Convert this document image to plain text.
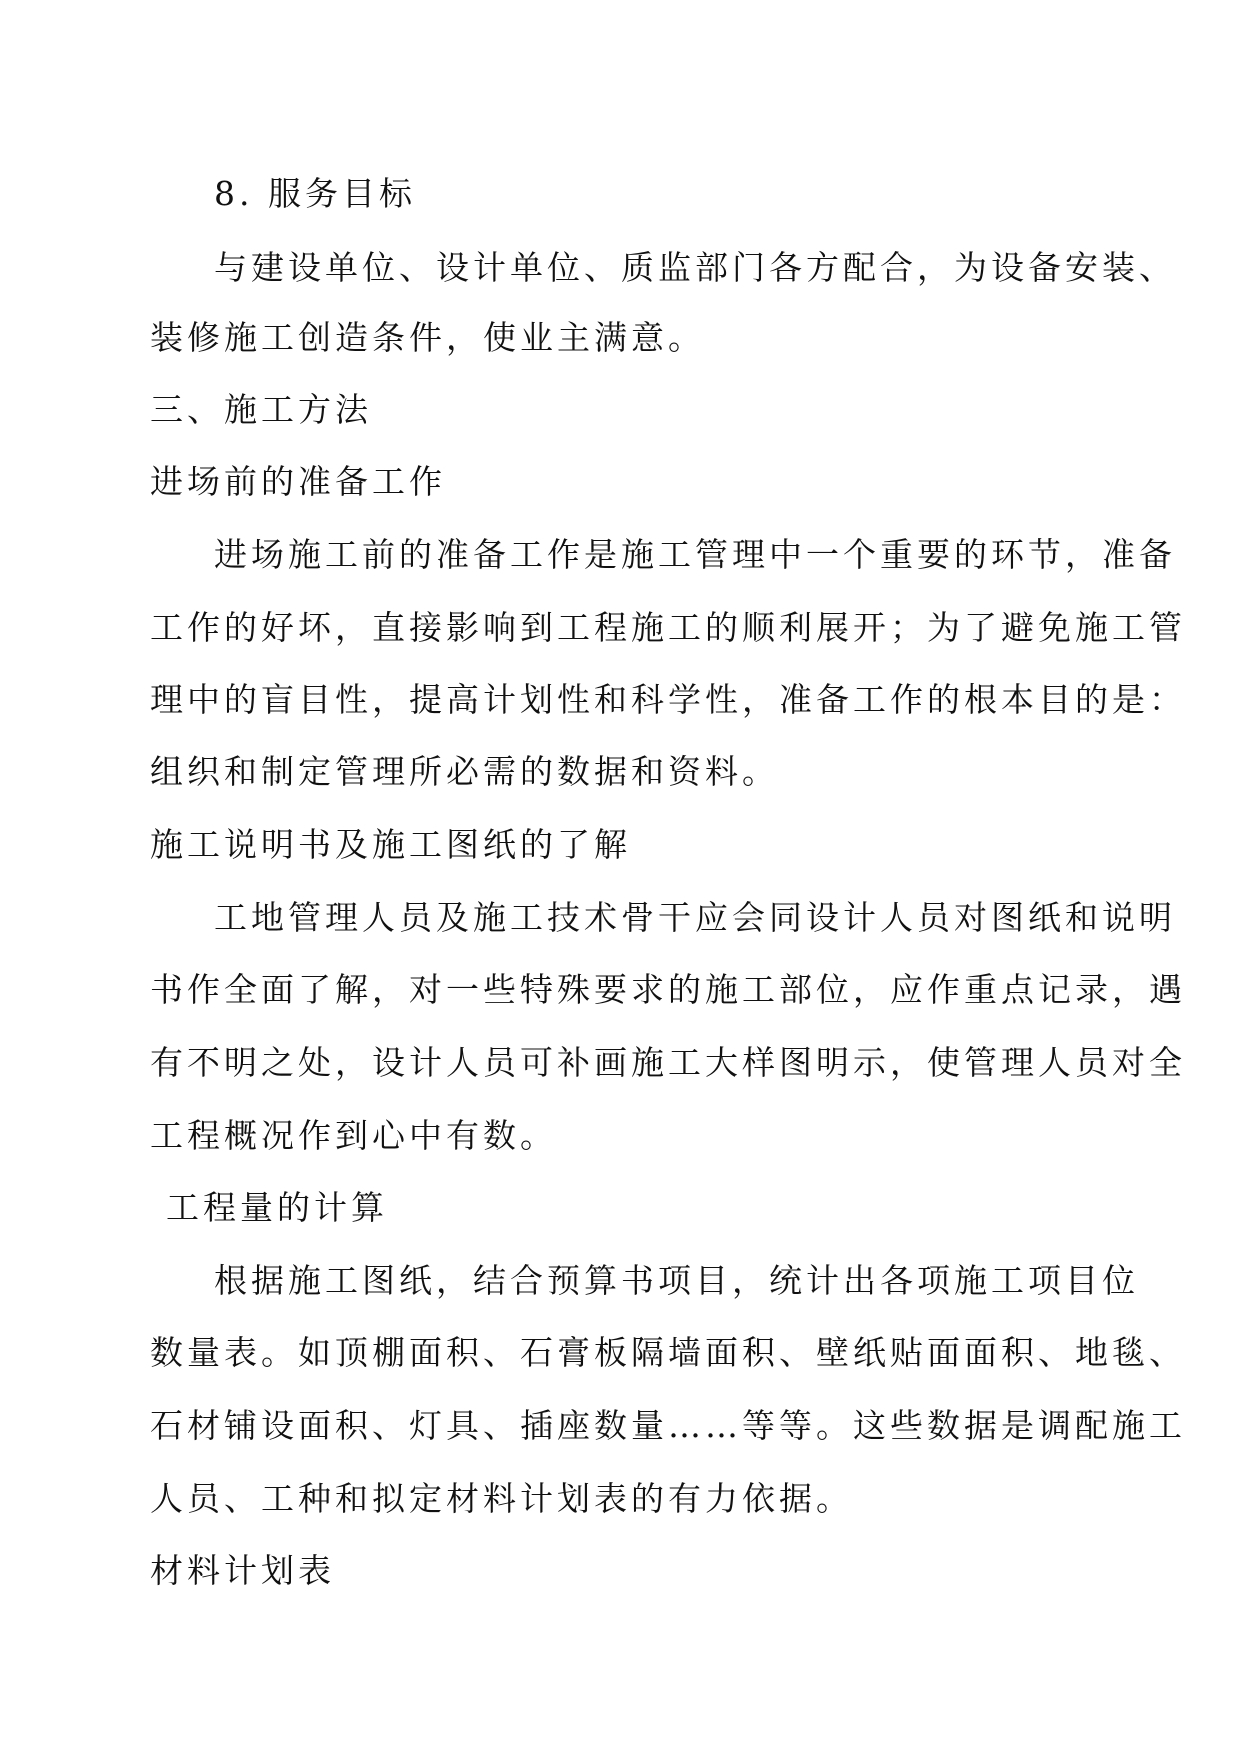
8. 服务目标

与建设单位、设计单位、质监部门各方配合，为设备安装、

装修施工创造条件，使业主满意。

三、施工方法

进场前的准备工作

进场施工前的准备工作是施工管理中一个重要的环节，准备

工作的好坏，直接影响到工程施工的顺利展开；为了避免施工管

理中的盲目性，提高计划性和科学性，准备工作的根本目的是：

组织和制定管理所必需的数据和资料。

施工说明书及施工图纸的了解

工地管理人员及施工技术骨干应会同设计人员对图纸和说明

书作全面了解，对一些特殊要求的施工部位，应作重点记录，遇

有不明之处，设计人员可补画施工大样图明示，使管理人员对全

工程概况作到心中有数。

工程量的计算

根据施工图纸，结合预算书项目，统计出各项施工项目位

数量表。如顶棚面积、石膏板隔墙面积、壁纸贴面面积、地毯、

石材铺设面积、灯具、插座数量……等等。这些数据是调配施工

人员、工种和拟定材料计划表的有力依据。

材料计划表
